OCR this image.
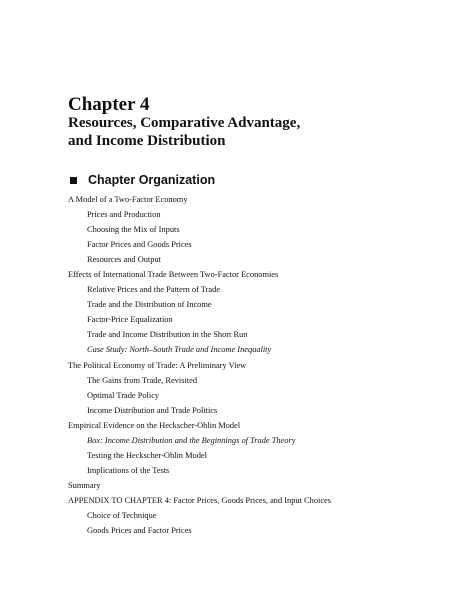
Chapter 4
Resources, Comparative Advantage,
and Income Distribution
Chapter Organization
A Model of a Two-Factor Economy
Prices and Production
Choosing the Mix of Inputs
Factor Prices and Goods Prices
Resources and Output
Effects of International Trade Between Two-Factor Economies
Relative Prices and the Pattern of Trade
Trade and the Distribution of Income
Factor-Price Equalization
Trade and Income Distribution in the Short Run
Case Study: North–South Trade and Income Inequality
The Political Economy of Trade: A Preliminary View
The Gains from Trade, Revisited
Optimal Trade Policy
Income Distribution and Trade Politics
Empirical Evidence on the Heckscher-Ohlin Model
Box: Income Distribution and the Beginnings of Trade Theory
Testing the Heckscher-Ohlin Model
Implications of the Tests
Summary
APPENDIX TO CHAPTER 4: Factor Prices, Goods Prices, and Input Choices
Choice of Technique
Goods Prices and Factor Prices
